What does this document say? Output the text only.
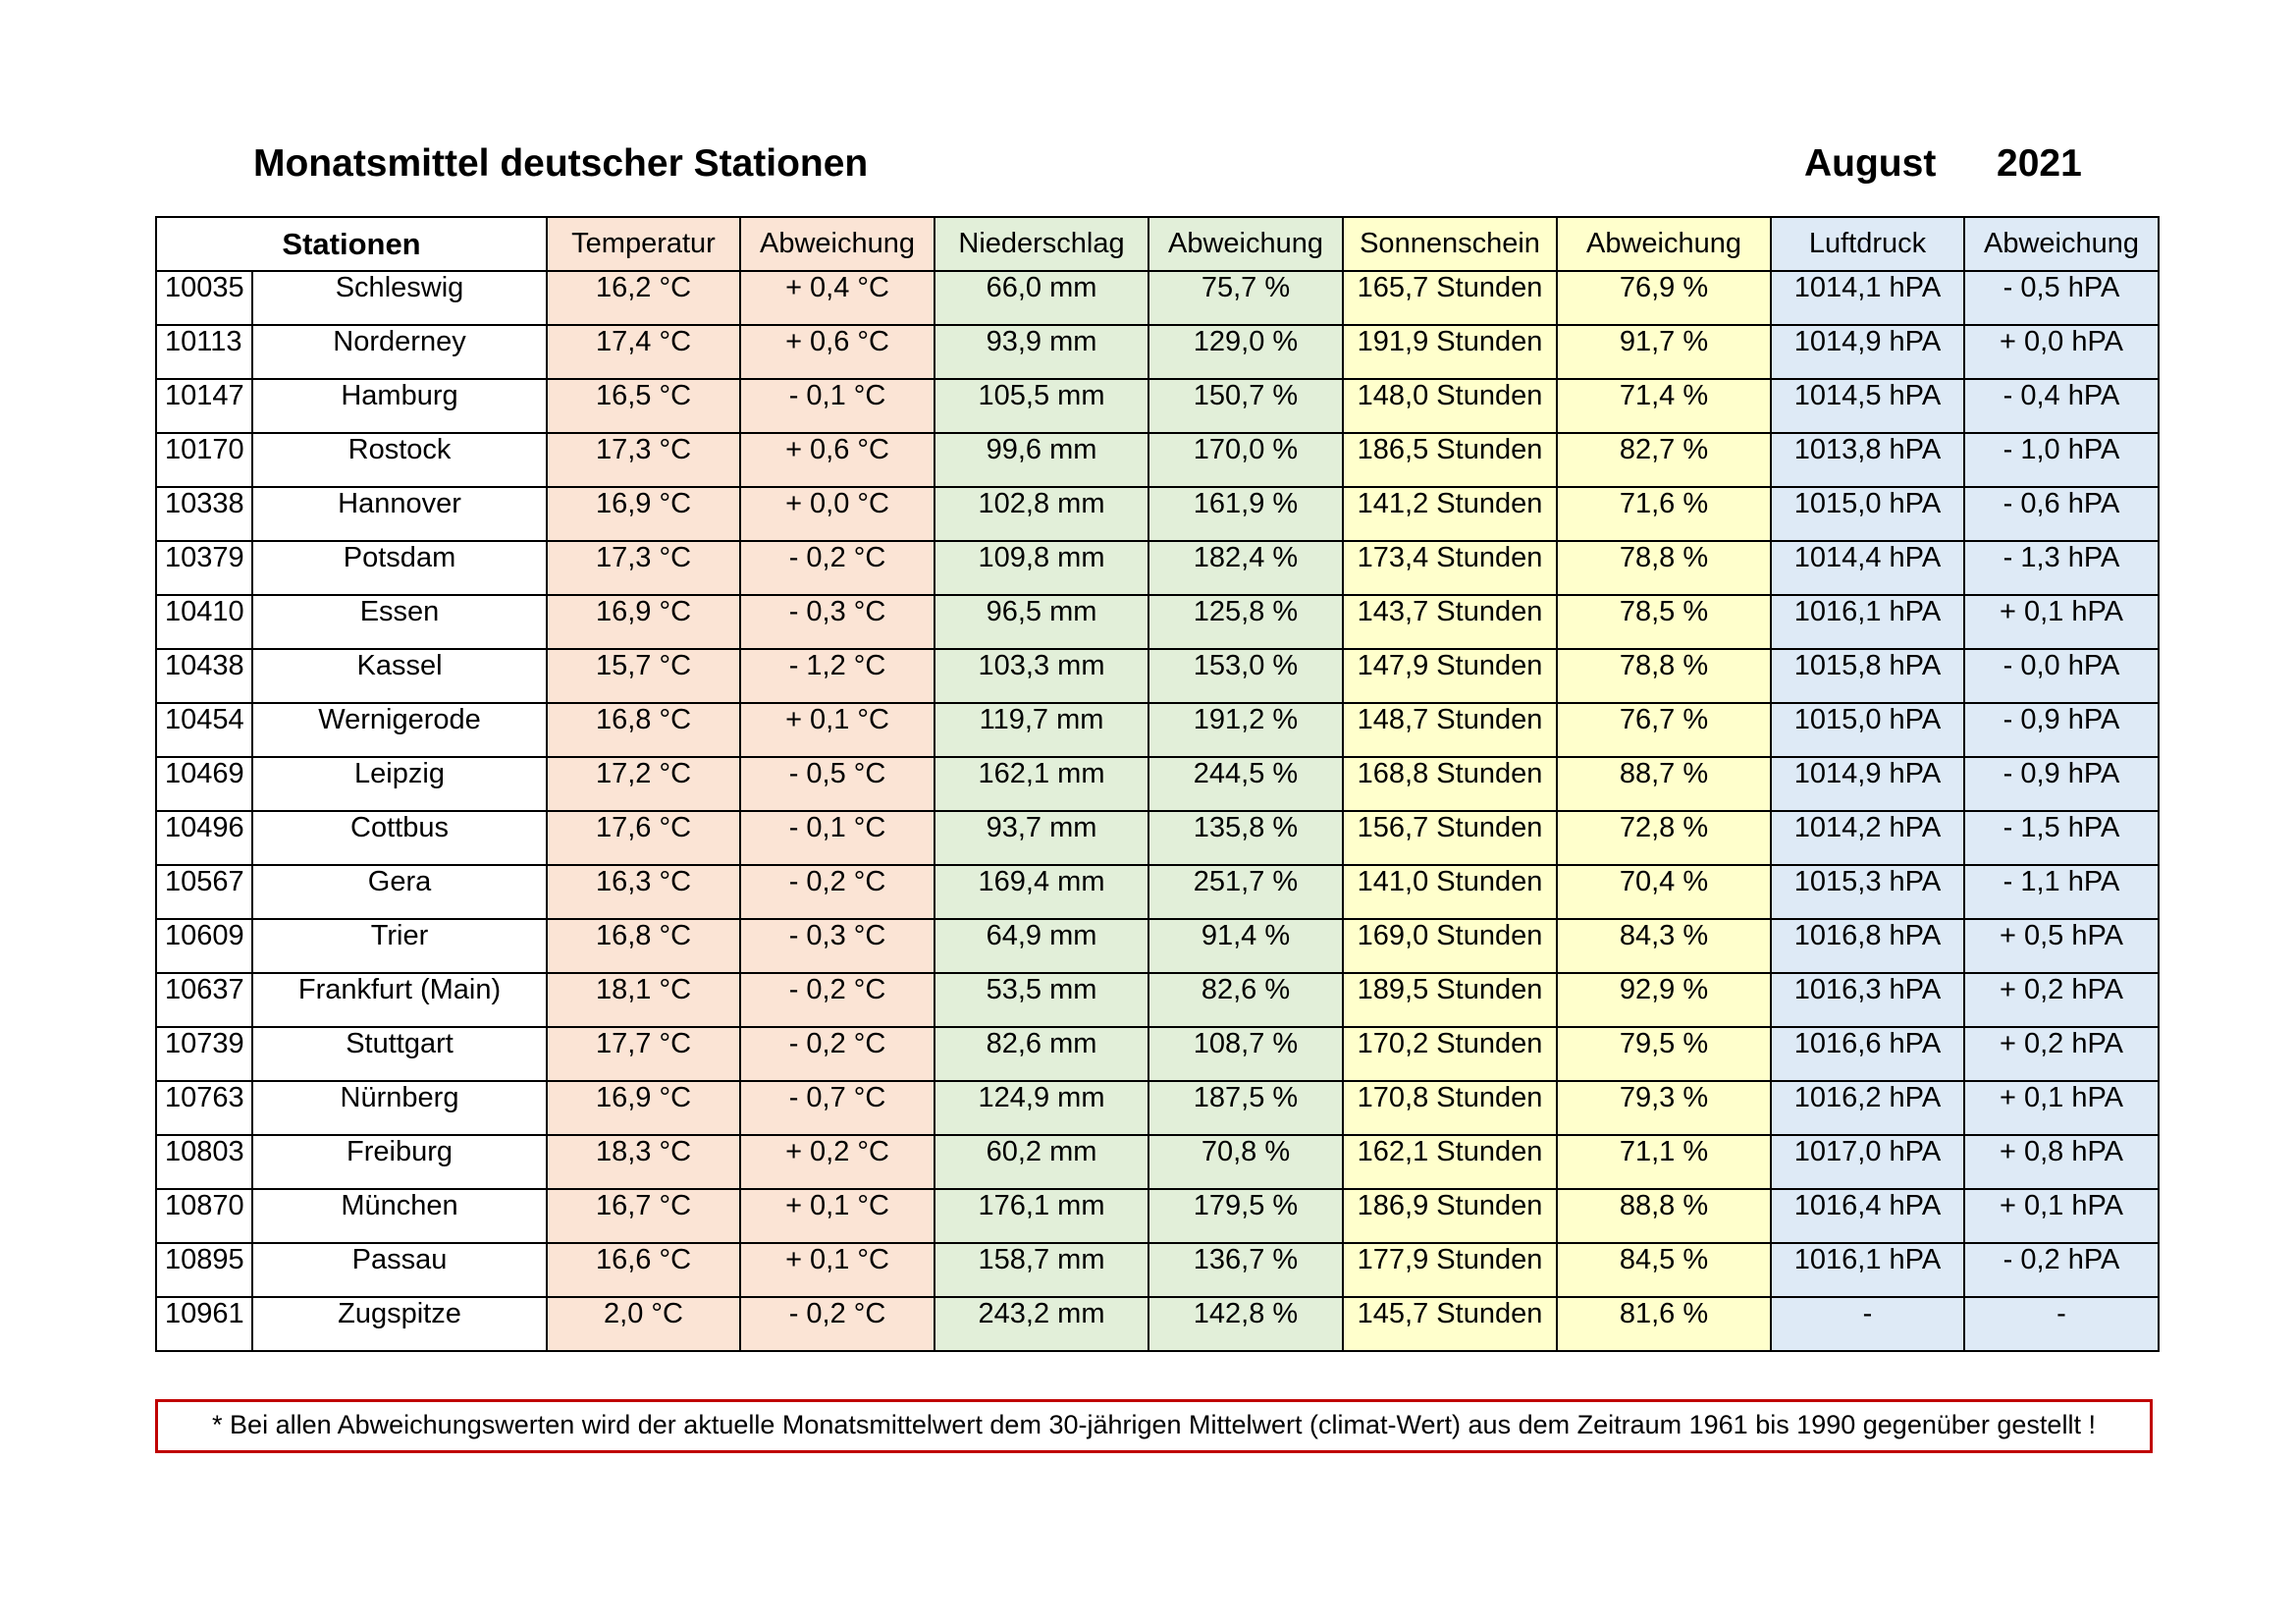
Monatsmittel deutscher Stationen	August 2021
Stationen		Temperatur	Abweichung	Niederschlag	Abweichung	Sonnenschein	Abweichung	Luftdruck	Abweichung
10035	Schleswig	16,2 °C	+ 0,4 °C	66,0 mm	75,7 %	165,7 Stunden	76,9 %	1014,1 hPA	- 0,5 hPA
10113	Norderney	17,4 °C	+ 0,6 °C	93,9 mm	129,0 %	191,9 Stunden	91,7 %	1014,9 hPA	+ 0,0 hPA
10147	Hamburg	16,5 °C	- 0,1 °C	105,5 mm	150,7 %	148,0 Stunden	71,4 %	1014,5 hPA	- 0,4 hPA
10170	Rostock	17,3 °C	+ 0,6 °C	99,6 mm	170,0 %	186,5 Stunden	82,7 %	1013,8 hPA	- 1,0 hPA
10338	Hannover	16,9 °C	+ 0,0 °C	102,8 mm	161,9 %	141,2 Stunden	71,6 %	1015,0 hPA	- 0,6 hPA
10379	Potsdam	17,3 °C	- 0,2 °C	109,8 mm	182,4 %	173,4 Stunden	78,8 %	1014,4 hPA	- 1,3 hPA
10410	Essen	16,9 °C	- 0,3 °C	96,5 mm	125,8 %	143,7 Stunden	78,5 %	1016,1 hPA	+ 0,1 hPA
10438	Kassel	15,7 °C	- 1,2 °C	103,3 mm	153,0 %	147,9 Stunden	78,8 %	1015,8 hPA	- 0,0 hPA
10454	Wernigerode	16,8 °C	+ 0,1 °C	119,7 mm	191,2 %	148,7 Stunden	76,7 %	1015,0 hPA	- 0,9 hPA
10469	Leipzig	17,2 °C	- 0,5 °C	162,1 mm	244,5 %	168,8 Stunden	88,7 %	1014,9 hPA	- 0,9 hPA
10496	Cottbus	17,6 °C	- 0,1 °C	93,7 mm	135,8 %	156,7 Stunden	72,8 %	1014,2 hPA	- 1,5 hPA
10567	Gera	16,3 °C	- 0,2 °C	169,4 mm	251,7 %	141,0 Stunden	70,4 %	1015,3 hPA	- 1,1 hPA
10609	Trier	16,8 °C	- 0,3 °C	64,9 mm	91,4 %	169,0 Stunden	84,3 %	1016,8 hPA	+ 0,5 hPA
10637	Frankfurt (Main)	18,1 °C	- 0,2 °C	53,5 mm	82,6 %	189,5 Stunden	92,9 %	1016,3 hPA	+ 0,2 hPA
10739	Stuttgart	17,7 °C	- 0,2 °C	82,6 mm	108,7 %	170,2 Stunden	79,5 %	1016,6 hPA	+ 0,2 hPA
10763	Nürnberg	16,9 °C	- 0,7 °C	124,9 mm	187,5 %	170,8 Stunden	79,3 %	1016,2 hPA	+ 0,1 hPA
10803	Freiburg	18,3 °C	+ 0,2 °C	60,2 mm	70,8 %	162,1 Stunden	71,1 %	1017,0 hPA	+ 0,8 hPA
10870	München	16,7 °C	+ 0,1 °C	176,1 mm	179,5 %	186,9 Stunden	88,8 %	1016,4 hPA	+ 0,1 hPA
10895	Passau	16,6 °C	+ 0,1 °C	158,7 mm	136,7 %	177,9 Stunden	84,5 %	1016,1 hPA	- 0,2 hPA
10961	Zugspitze	2,0 °C	- 0,2 °C	243,2 mm	142,8 %	145,7 Stunden	81,6 %	-	-
* Bei allen Abweichungswerten wird der aktuelle Monatsmittelwert dem 30-jährigen Mittelwert (climat-Wert) aus dem Zeitraum 1961 bis 1990 gegenüber gestellt !
